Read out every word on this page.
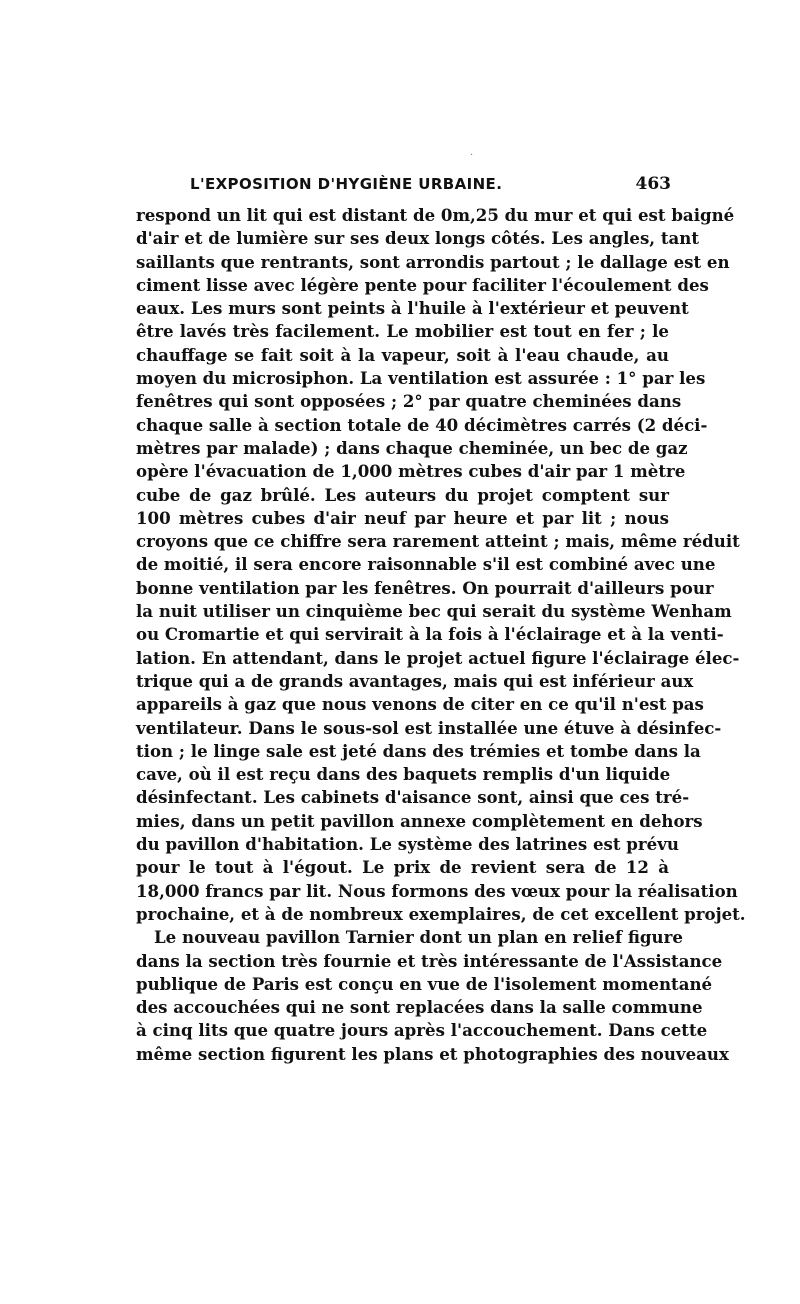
.
L'EXPOSITION D'HYGIÈNE URBAINE.	463
respond un lit qui est distant de 0m,25 du mur et qui est baigné
d'air et de lumière sur ses deux longs côtés. Les angles, tant
saillants que rentrants, sont arrondis partout ; le dallage est en
ciment lisse avec légère pente pour faciliter l'écoulement des
eaux. Les murs sont peints à l'huile à l'extérieur et peuvent
être lavés très facilement. Le mobilier est tout en fer ; le
chauffage se fait soit à la vapeur, soit à l'eau chaude, au
moyen du microsiphon. La ventilation est assurée : 1° par les
fenêtres qui sont opposées ; 2° par quatre cheminées dans
chaque salle à section totale de 40 décimètres carrés (2 déci-
mètres par malade) ; dans chaque cheminée, un bec de gaz
opère l'évacuation de 1,000 mètres cubes d'air par 1 mètre
cube de gaz brûlé. Les auteurs du projet comptent sur
100 mètres cubes d'air neuf par heure et par lit ; nous
croyons que ce chiffre sera rarement atteint ; mais, même réduit
de moitié, il sera encore raisonnable s'il est combiné avec une
bonne ventilation par les fenêtres. On pourrait d'ailleurs pour
la nuit utiliser un cinquième bec qui serait du système Wenham
ou Cromartie et qui servirait à la fois à l'éclairage et à la venti-
lation. En attendant, dans le projet actuel figure l'éclairage élec-
trique qui a de grands avantages, mais qui est inférieur aux
appareils à gaz que nous venons de citer en ce qu'il n'est pas
ventilateur. Dans le sous-sol est installée une étuve à désinfec-
tion ; le linge sale est jeté dans des trémies et tombe dans la
cave, où il est reçu dans des baquets remplis d'un liquide
désinfectant. Les cabinets d'aisance sont, ainsi que ces tré-
mies, dans un petit pavillon annexe complètement en dehors
du pavillon d'habitation. Le système des latrines est prévu
pour le tout à l'égout. Le prix de revient sera de 12 à
18,000 francs par lit. Nous formons des vœux pour la réalisation
prochaine, et à de nombreux exemplaires, de cet excellent projet.
Le nouveau pavillon Tarnier dont un plan en relief figure
dans la section très fournie et très intéressante de l'Assistance
publique de Paris est conçu en vue de l'isolement momentané
des accouchées qui ne sont replacées dans la salle commune
à cinq lits que quatre jours après l'accouchement. Dans cette
même section figurent les plans et photographies des nouveaux
